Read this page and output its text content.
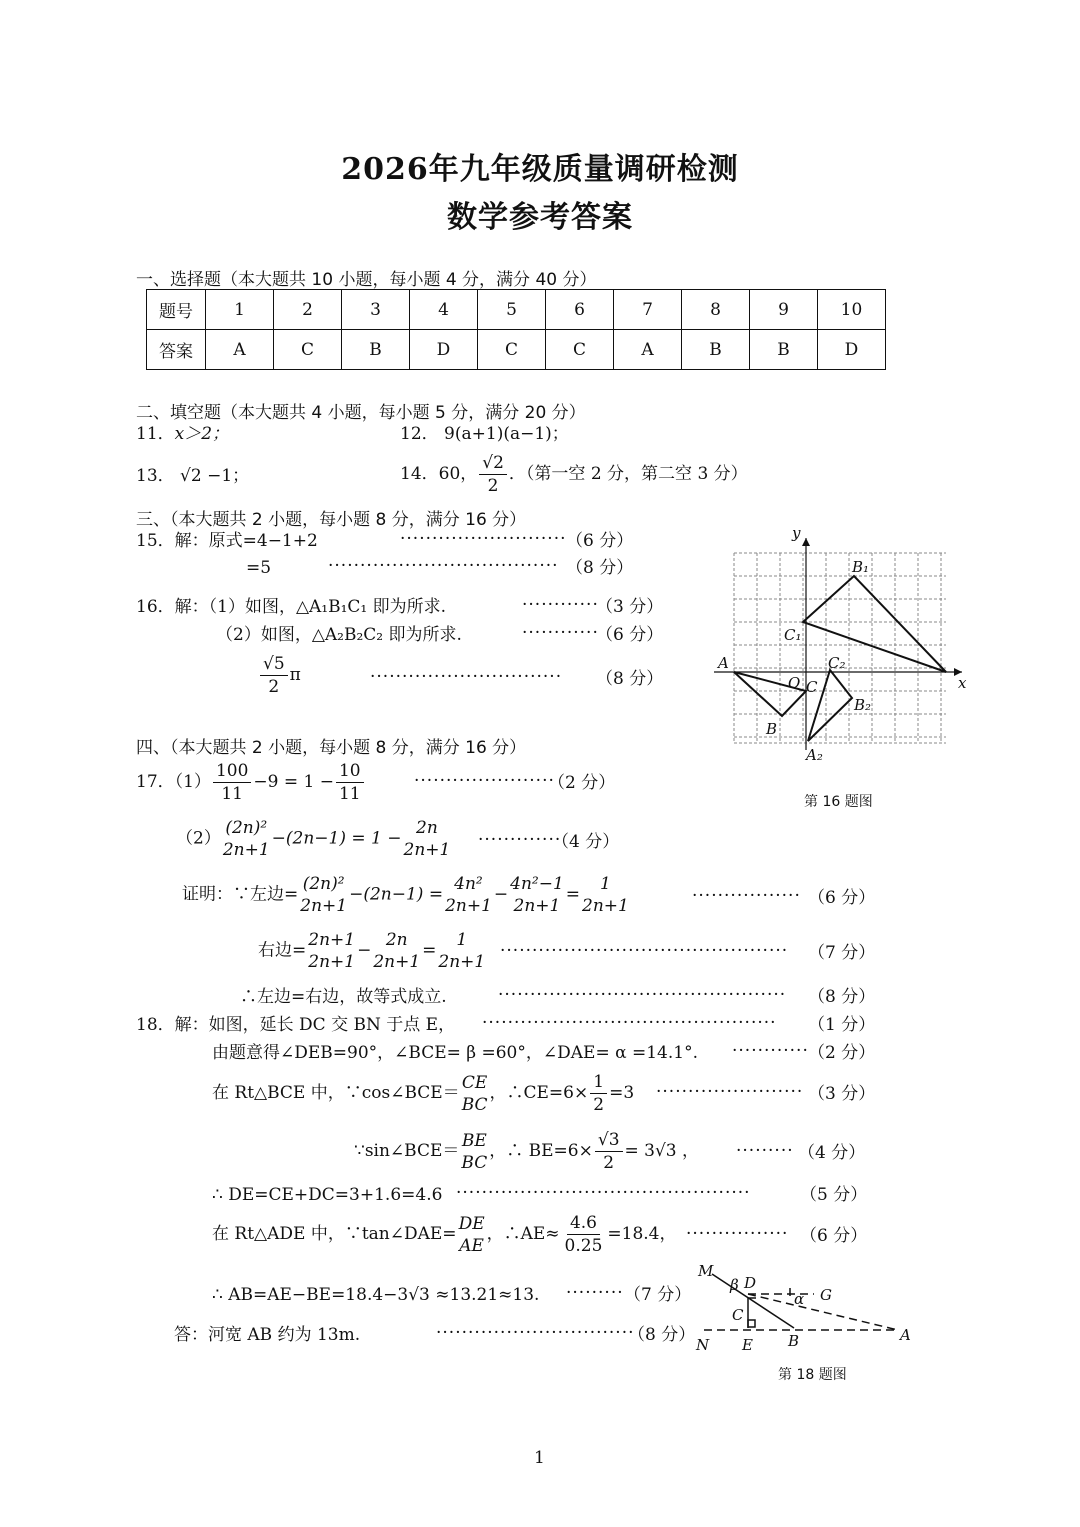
2026年九年级质量调研检测
数学参考答案
一、选择题（本大题共 10 小题，每小题 4 分，满分 40 分）
题号	1	2	3	4	5	6	7	8	9	10
答案	A	C	B	D	C	C	A	B	B	D
二、填空题（本大题共 4 小题，每小题 5 分，满分 20 分）
11．x＞2；	12． 9(a+1)(a−1)；
13． √2 −1；	14．60， $\frac{√2}{2}$ ．（第一空 2 分，第二空 3 分）
三、（本大题共 2 小题，每小题 8 分，满分 16 分）
15．解：原式=4−1+2
=5
·························· （6 分）
···································· （8 分）
16．解：（1）如图，△A₁B₁C₁ 即为所求.	············
（3 分）
（2）如图，△A₂B₂C₂ 即为所求.	············
（6 分）
$\frac{√5}{2}$ π	······························ （8 分）
y
x
B₁
C₁
A
O C
C₂
B₂
B
A₂
第 16 题图
四、（本大题共 2 小题，每小题 8 分，满分 16 分）
17．$(1) \frac{100}{11} -9 = 1 - \frac{10}{11}$	······················
（2 分）
（2）
(2n)²
2n+1
−(2n−1) = 1 −
2n
2n+1 ·············
（4 分）
证明：∵左边=
(2n)²
2n+1
−(2n−1) =
4n²
2n+1
−
4n²−1
2n+1
=
1
2n+1	················· （6 分）
右边=
2n+1
2n+1
−
2n
2n+1
=
1
2n+1
············································· （7 分）
∴左边=右边，故等式成立.	············································· （8 分）
18．解：如图，延长 DC 交 BN 于点 E， ·············································· （1 分）
由题意得∠DEB=90°，∠BCE= β =60°，∠DAE= α =14.1°. ············ （2 分）
在 Rt△BCE 中，∵cos∠BCE＝
CE
BC
，∴CE=6× $\frac{1}{2} =3$ ······················· （3 分）
∵sin∠BCE＝
BE
BC
，∴ $BE=6\times \frac{√3}{2} = 3√3$ ， ········· （4 分）
∴ DE=CE+DC=3+1.6=4.6 ··············································	（5 分）
在 Rt△ADE 中，∵tan∠DAE=
DE
AE
，∴AE≈ $\frac{4.6}{0.25} =18.4$， ················ （6 分）
∴ AB=AE−BE=18.4−3√3 ≈13.21≈13. ········· （7 分）
答：河宽 AB 约为 13m.	·······························
（8 分）
M
β D
α G
C
N E B	A
第 18 题图
1
